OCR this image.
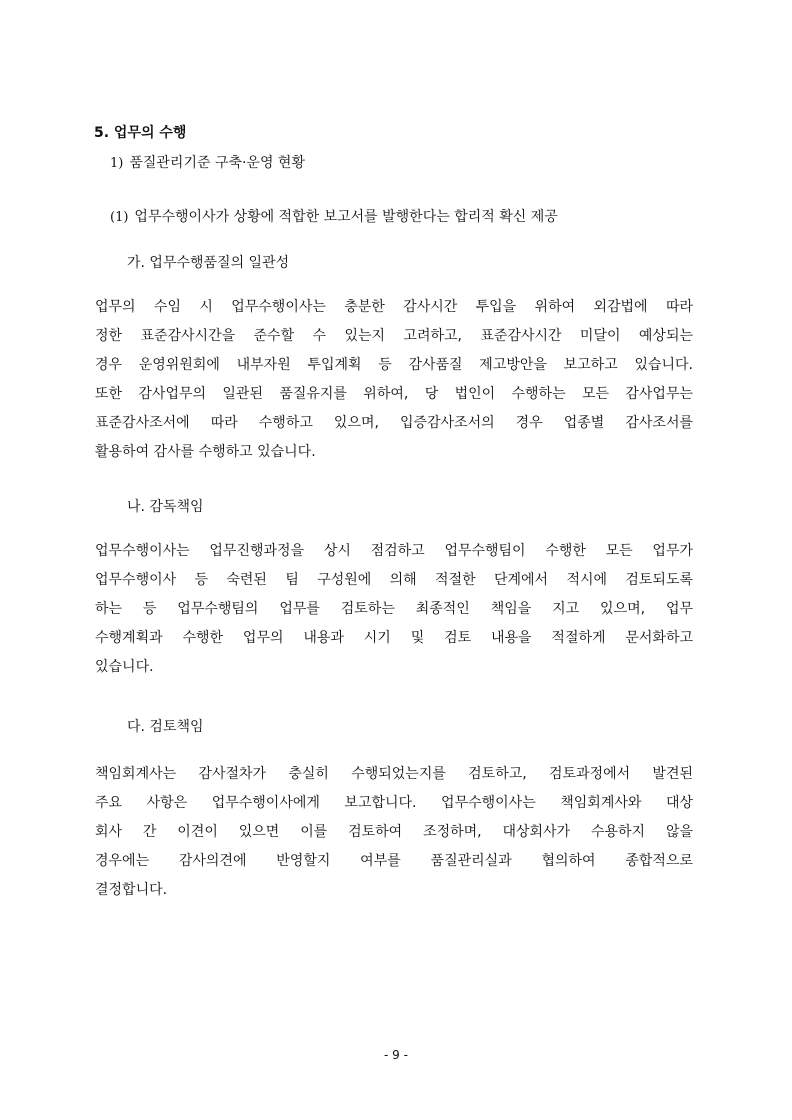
5. 업무의 수행
1) 품질관리기준 구축·운영 현황
(1) 업무수행이사가 상황에 적합한 보고서를 발행한다는 합리적 확신 제공
가. 업무수행품질의 일관성
업무의 수임 시 업무수행이사는 충분한 감사시간 투입을 위하여 외감법에 따라
정한 표준감사시간을 준수할 수 있는지 고려하고, 표준감사시간 미달이 예상되는
경우 운영위원회에 내부자원 투입계획 등 감사품질 제고방안을 보고하고 있습니다.
또한 감사업무의 일관된 품질유지를 위하여, 당 법인이 수행하는 모든 감사업무는
표준감사조서에 따라 수행하고 있으며, 입증감사조서의 경우 업종별 감사조서를
활용하여 감사를 수행하고 있습니다.
나. 감독책임
업무수행이사는 업무진행과정을 상시 점검하고 업무수행팀이 수행한 모든 업무가
업무수행이사 등 숙련된 팀 구성원에 의해 적절한 단계에서 적시에 검토되도록
하는 등 업무수행팀의 업무를 검토하는 최종적인 책임을 지고 있으며, 업무
수행계획과 수행한 업무의 내용과 시기 및 검토 내용을 적절하게 문서화하고
있습니다.
다. 검토책임
책임회계사는 감사절차가 충실히 수행되었는지를 검토하고, 검토과정에서 발견된
주요 사항은 업무수행이사에게 보고합니다. 업무수행이사는 책임회계사와 대상
회사 간 이견이 있으면 이를 검토하여 조정하며, 대상회사가 수용하지 않을
경우에는 감사의견에 반영할지 여부를 품질관리실과 협의하여 종합적으로
결정합니다.
- 9 -
